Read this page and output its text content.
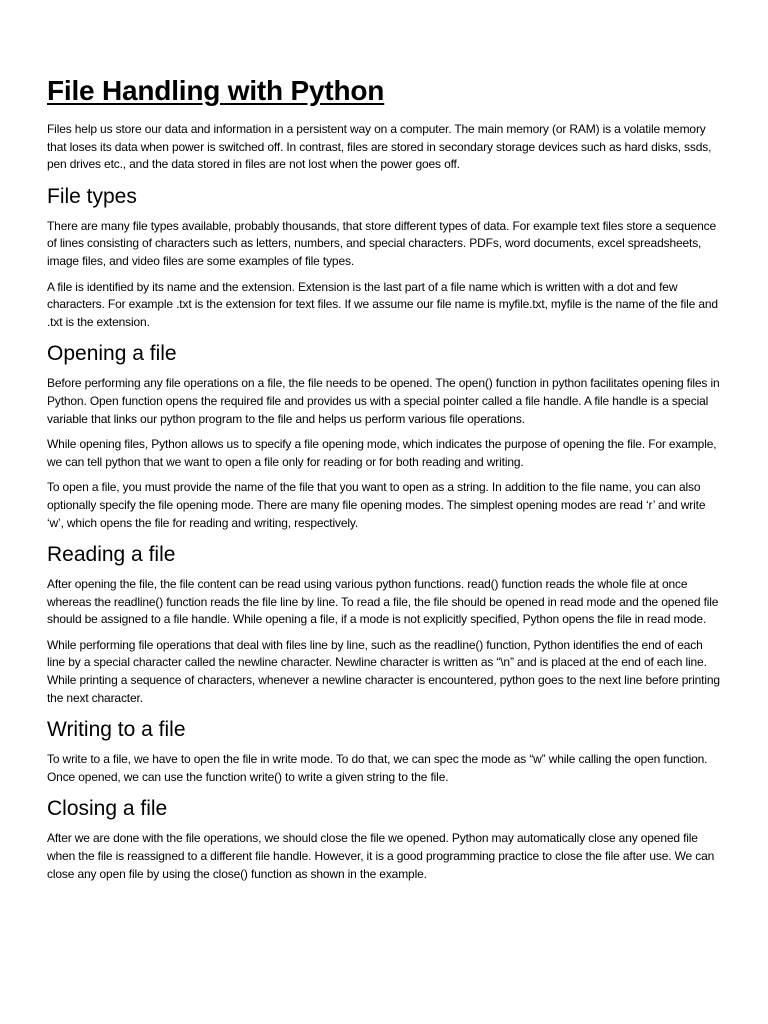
File Handling with Python

Files help us store our data and information in a persistent way on a computer. The main memory (or RAM) is a volatile memory that loses its data when power is switched off. In contrast, files are stored in secondary storage devices such as hard disks, ssds, pen drives etc., and the data stored in files are not lost when the power goes off.

File types

There are many file types available, probably thousands, that store different types of data. For example text files store a sequence of lines consisting of characters such as letters, numbers, and special characters. PDFs, word documents, excel spreadsheets, image files, and video files are some examples of file types.

A file is identified by its name and the extension. Extension is the last part of a file name which is written with a dot and few characters. For example .txt is the extension for text files. If we assume our file name is myfile.txt, myfile is the name of the file and .txt is the extension.

Opening a file

Before performing any file operations on a file, the file needs to be opened. The open() function in python facilitates opening files in Python. Open function opens the required file and provides us with a special pointer called a file handle. A file handle is a special variable that links our python program to the file and helps us perform various file operations.

While opening files, Python allows us to specify a file opening mode, which indicates the purpose of opening the file. For example, we can tell python that we want to open a file only for reading or for both reading and writing.

To open a file, you must provide the name of the file that you want to open as a string. In addition to the file name, you can also optionally specify the file opening mode. There are many file opening modes. The simplest opening modes are read ‘r’ and write ‘w’, which opens the file for reading and writing, respectively.

Reading a file

After opening the file, the file content can be read using various python functions. read() function reads the whole file at once whereas the readline() function reads the file line by line. To read a file, the file should be opened in read mode and the opened file should be assigned to a file handle. While opening a file, if a mode is not explicitly specified, Python opens the file in read mode.

While performing file operations that deal with files line by line, such as the readline() function, Python identifies the end of each line by a special character called the newline character. Newline character is written as “\n” and is placed at the end of each line. While printing a sequence of characters, whenever a newline character is encountered, python goes to the next line before printing the next character.

Writing to a file

To write to a file, we have to open the file in write mode. To do that, we can spec the mode as “w” while calling the open function. Once opened, we can use the function write() to write a given string to the file.

Closing a file

After we are done with the file operations, we should close the file we opened. Python may automatically close any opened file when the file is reassigned to a different file handle. However, it is a good programming practice to close the file after use. We can close any open file by using the close() function as shown in the example.
